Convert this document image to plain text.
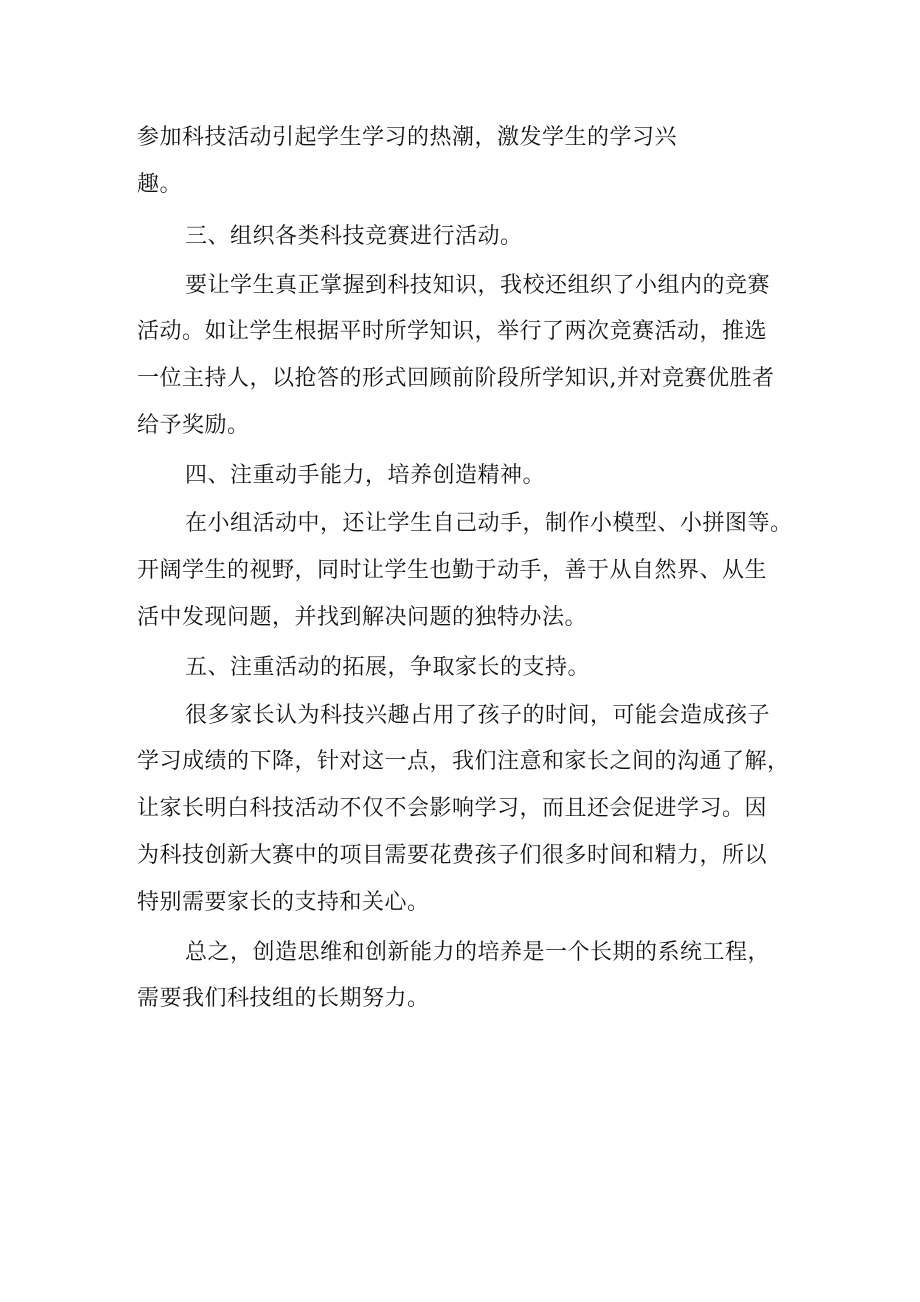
参加科技活动引起学生学习的热潮，激发学生的学习兴
趣。
三、组织各类科技竞赛进行活动。
要让学生真正掌握到科技知识，我校还组织了小组内的竞赛
活动。如让学生根据平时所学知识，举行了两次竞赛活动，推选
一位主持人，以抢答的形式回顾前阶段所学知识,并对竞赛优胜者
给予奖励。
四、注重动手能力，培养创造精神。
在小组活动中，还让学生自己动手，制作小模型、小拼图等。
开阔学生的视野，同时让学生也勤于动手，善于从自然界、从生
活中发现问题，并找到解决问题的独特办法。
五、注重活动的拓展，争取家长的支持。
很多家长认为科技兴趣占用了孩子的时间，可能会造成孩子
学习成绩的下降，针对这一点，我们注意和家长之间的沟通了解，
让家长明白科技活动不仅不会影响学习，而且还会促进学习。因
为科技创新大赛中的项目需要花费孩子们很多时间和精力，所以
特别需要家长的支持和关心。
总之，创造思维和创新能力的培养是一个长期的系统工程，
需要我们科技组的长期努力。
